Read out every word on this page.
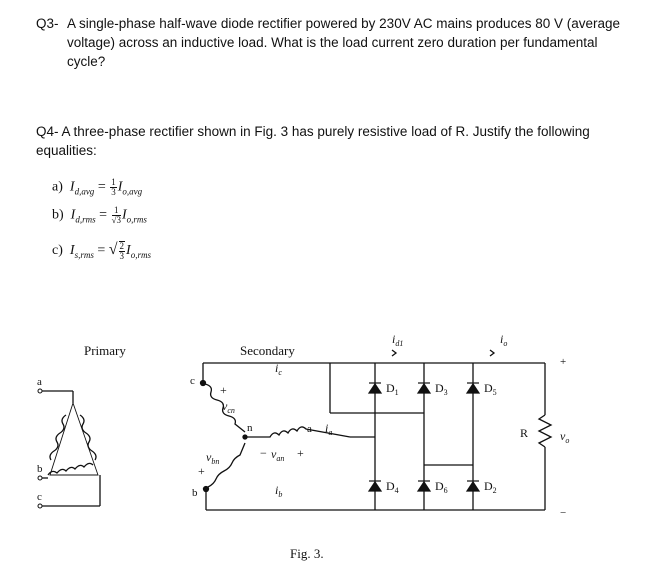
Q3- A single-phase half-wave diode rectifier powered by 230V AC mains produces 80 V (average voltage) across an inductive load. What is the load current zero duration per fundamental cycle?
Q4- A three-phase rectifier shown in Fig. 3 has purely resistive load of R. Justify the following equalities:
a) $I_{d,avg} = \frac{1}{3} I_{o,avg}$
b) $I_{d,rms} = \frac{1}{√3} I_{o,rms}$
c) $I_{s,rms}$ = √ $\frac{2}{3} I_{o,rms}$
Primary	Secondary
Fig. 3.
a
b
c
c
b
a
n
+
+
−	+
+
−
R
$i_{d1}$	$i_o$
$i_c$
$i_a$
$i_b$
$v_{cn}$
$v_{an}$
$v_{bn}$
$v_o$
$D_1$	$D_3$	$D_5$
$D_4$	$D_6$	$D_2$
